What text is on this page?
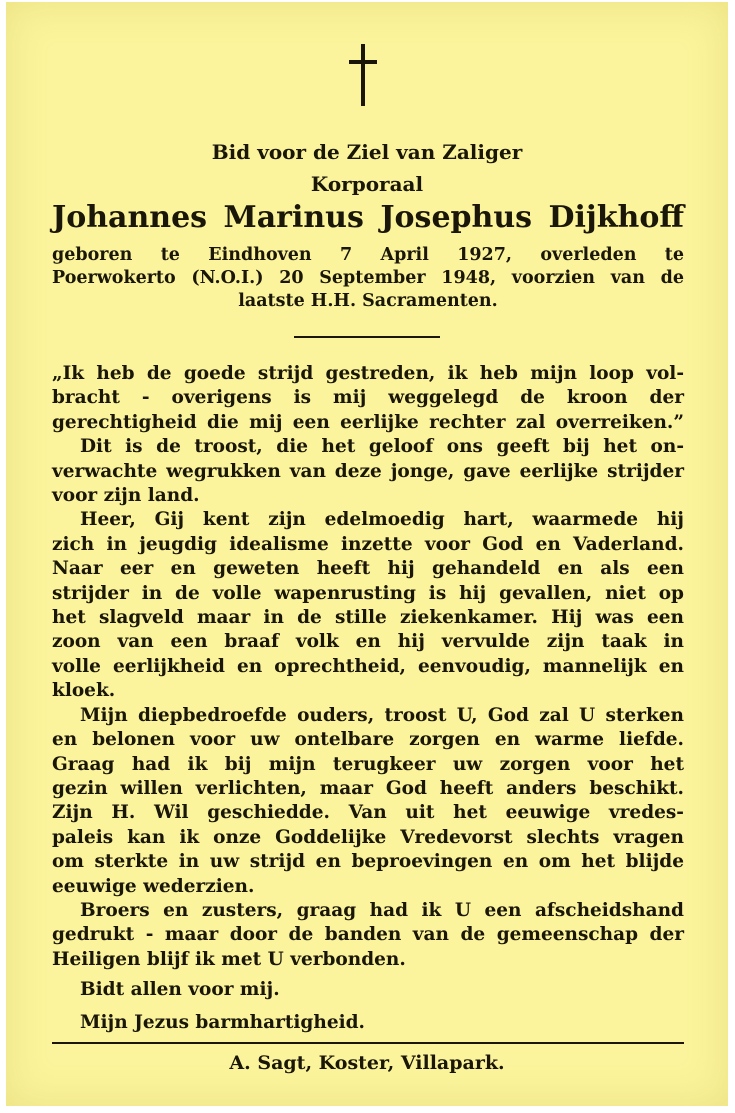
Bid voor de Ziel van Zaliger
Korporaal
Johannes Marinus Josephus Dijkhoff
geboren te Eindhoven 7 April 1927, overleden te
Poerwokerto (N.O.I.) 20 September 1948, voorzien van de
laatste H.H. Sacramenten.
„Ik heb de goede strijd gestreden, ik heb mijn loop vol-
bracht - overigens is mij weggelegd de kroon der
gerechtigheid die mij een eerlijke rechter zal overreiken.”
Dit is de troost, die het geloof ons geeft bij het on-
verwachte wegrukken van deze jonge, gave eerlijke strijder
voor zijn land.
Heer, Gij kent zijn edelmoedig hart, waarmede hij
zich in jeugdig idealisme inzette voor God en Vaderland.
Naar eer en geweten heeft hij gehandeld en als een
strijder in de volle wapenrusting is hij gevallen, niet op
het slagveld maar in de stille ziekenkamer. Hij was een
zoon van een braaf volk en hij vervulde zijn taak in
volle eerlijkheid en oprechtheid, eenvoudig, mannelijk en
kloek.
Mijn diepbedroefde ouders, troost U, God zal U sterken
en belonen voor uw ontelbare zorgen en warme liefde.
Graag had ik bij mijn terugkeer uw zorgen voor het
gezin willen verlichten, maar God heeft anders beschikt.
Zijn H. Wil geschiedde. Van uit het eeuwige vredes-
paleis kan ik onze Goddelijke Vredevorst slechts vragen
om sterkte in uw strijd en beproevingen en om het blijde
eeuwige wederzien.
Broers en zusters, graag had ik U een afscheidshand
gedrukt - maar door de banden van de gemeenschap der
Heiligen blijf ik met U verbonden.
Bidt allen voor mij.
Mijn Jezus barmhartigheid.
A. Sagt, Koster, Villapark.
